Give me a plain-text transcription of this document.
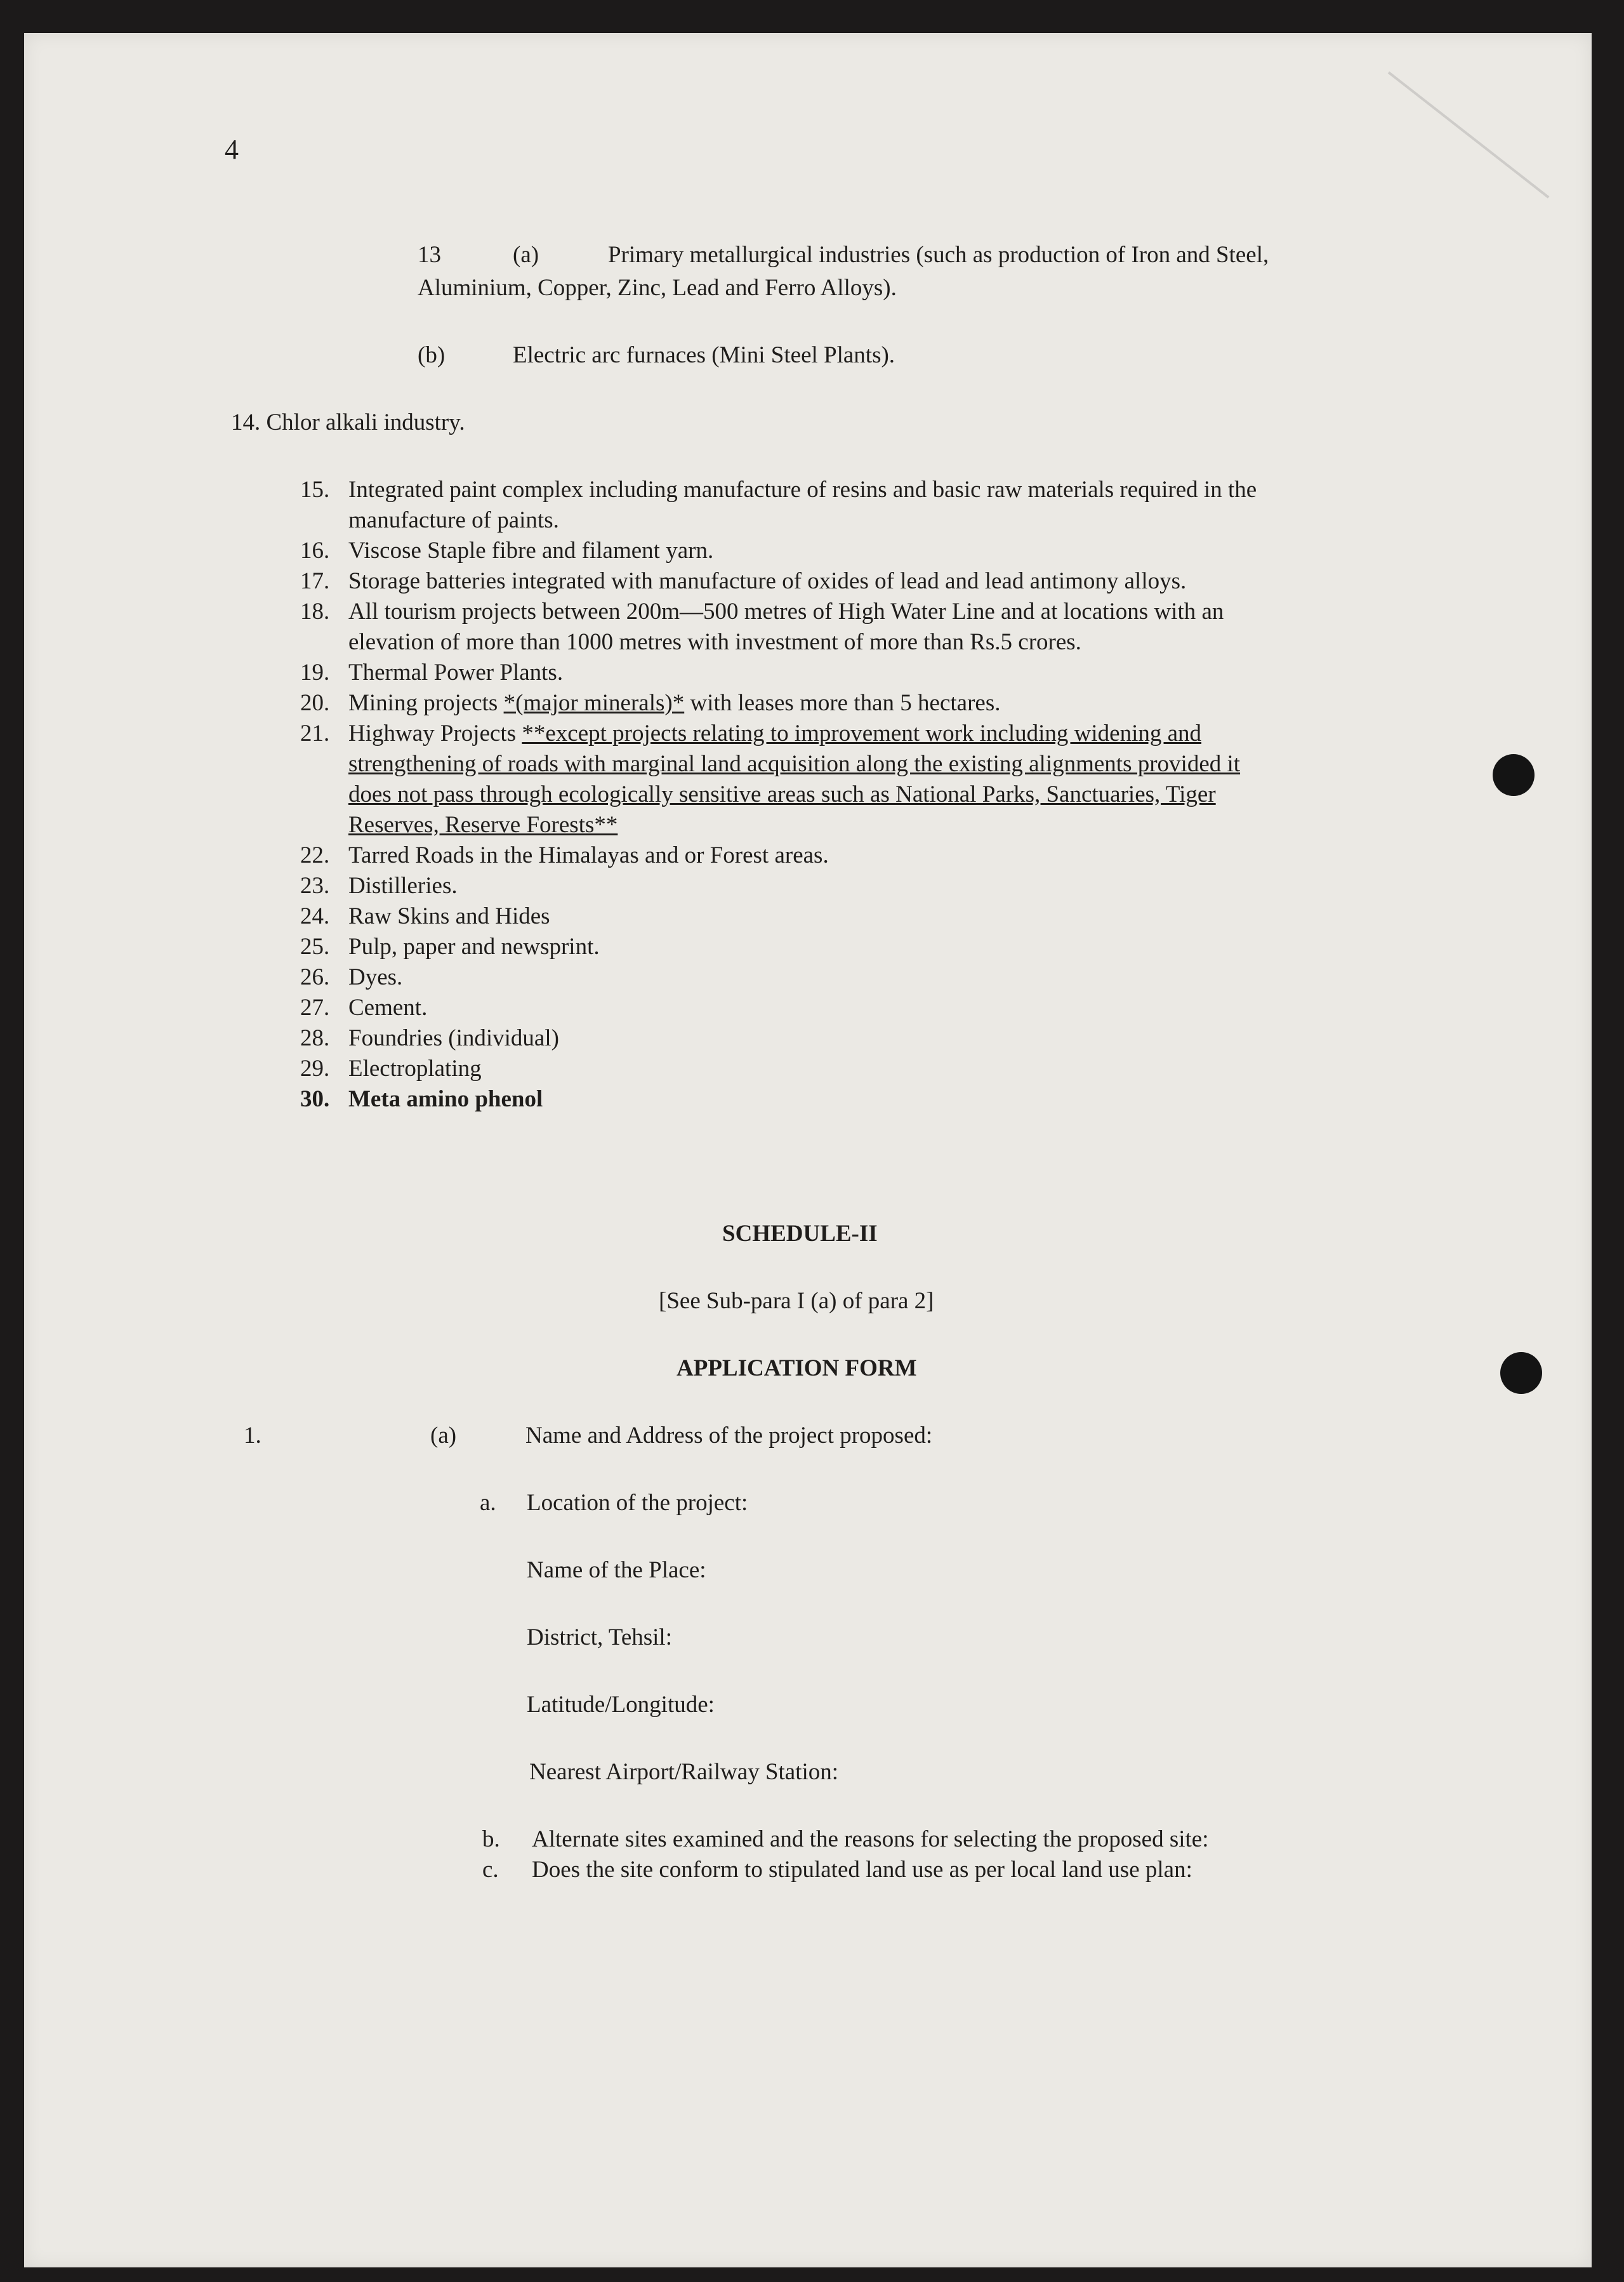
4
13	(a)	Primary metallurgical industries (such as production of Iron and Steel,
Aluminium, Copper, Zinc, Lead and Ferro Alloys).
(b)	Electric arc furnaces (Mini Steel Plants).
14. Chlor alkali industry.
15. Integrated paint complex including manufacture of resins and basic raw materials required in the
manufacture of paints.
16. Viscose Staple fibre and filament yarn.
17. Storage batteries integrated with manufacture of oxides of lead and lead antimony alloys.
18. All tourism projects between 200m—500 metres of High Water Line and at locations with an
elevation of more than 1000 metres with investment of more than Rs.5 crores.
19. Thermal Power Plants.
20. Mining projects *(major minerals)* with leases more than 5 hectares.
21. Highway Projects **except projects relating to improvement work including widening and
strengthening of roads with marginal land acquisition along the existing alignments provided it
does not pass through ecologically sensitive areas such as National Parks, Sanctuaries, Tiger
Reserves, Reserve Forests**
22. Tarred Roads in the Himalayas and or Forest areas.
23. Distilleries.
24. Raw Skins and Hides
25. Pulp, paper and newsprint.
26. Dyes.
27. Cement.
28. Foundries (individual)
29. Electroplating
30. Meta amino phenol
SCHEDULE-II
[See Sub-para I (a) of para 2]
APPLICATION FORM
1.	(a)	Name and Address of the project proposed:
a. Location of the project:
Name of the Place:
District, Tehsil:
Latitude/Longitude:
Nearest Airport/Railway Station:
b. Alternate sites examined and the reasons for selecting the proposed site:
c. Does the site conform to stipulated land use as per local land use plan:
